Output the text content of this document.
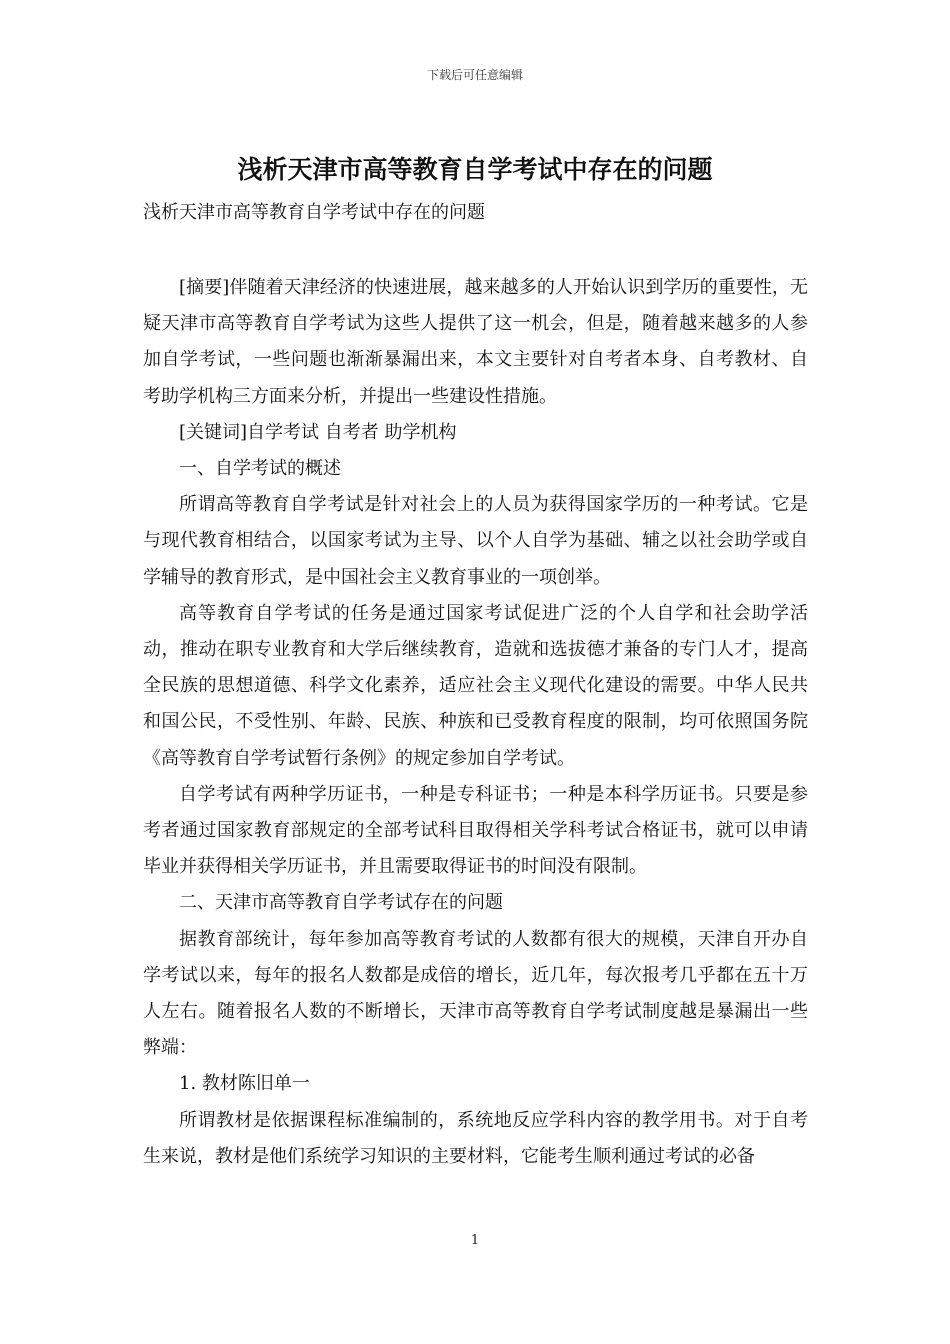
下载后可任意编辑
浅析天津市高等教育自学考试中存在的问题
浅析天津市高等教育自学考试中存在的问题

[摘要]伴随着天津经济的快速进展，越来越多的人开始认识到学历的重要性，无疑天津市高等教育自学考试为这些人提供了这一机会，但是，随着越来越多的人参加自学考试，一些问题也渐渐暴漏出来，本文主要针对自考者本身、自考教材、自考助学机构三方面来分析，并提出一些建设性措施。

[关键词]自学考试 自考者 助学机构

一、自学考试的概述

所谓高等教育自学考试是针对社会上的人员为获得国家学历的一种考试。它是与现代教育相结合，以国家考试为主导、以个人自学为基础、辅之以社会助学或自学辅导的教育形式，是中国社会主义教育事业的一项创举。

高等教育自学考试的任务是通过国家考试促进广泛的个人自学和社会助学活动，推动在职专业教育和大学后继续教育，造就和选拔德才兼备的专门人才，提高全民族的思想道德、科学文化素养，适应社会主义现代化建设的需要。中华人民共和国公民，不受性别、年龄、民族、种族和已受教育程度的限制，均可依照国务院《高等教育自学考试暂行条例》的规定参加自学考试。

自学考试有两种学历证书，一种是专科证书；一种是本科学历证书。只要是参考者通过国家教育部规定的全部考试科目取得相关学科考试合格证书，就可以申请毕业并获得相关学历证书，并且需要取得证书的时间没有限制。

二、天津市高等教育自学考试存在的问题

据教育部统计，每年参加高等教育考试的人数都有很大的规模，天津自开办自学考试以来，每年的报名人数都是成倍的增长，近几年，每次报考几乎都在五十万人左右。随着报名人数的不断增长，天津市高等教育自学考试制度越是暴漏出一些弊端：

1. 教材陈旧单一

所谓教材是依据课程标准编制的，系统地反应学科内容的教学用书。对于自考生来说，教材是他们系统学习知识的主要材料，它能考生顺利通过考试的必备

1
